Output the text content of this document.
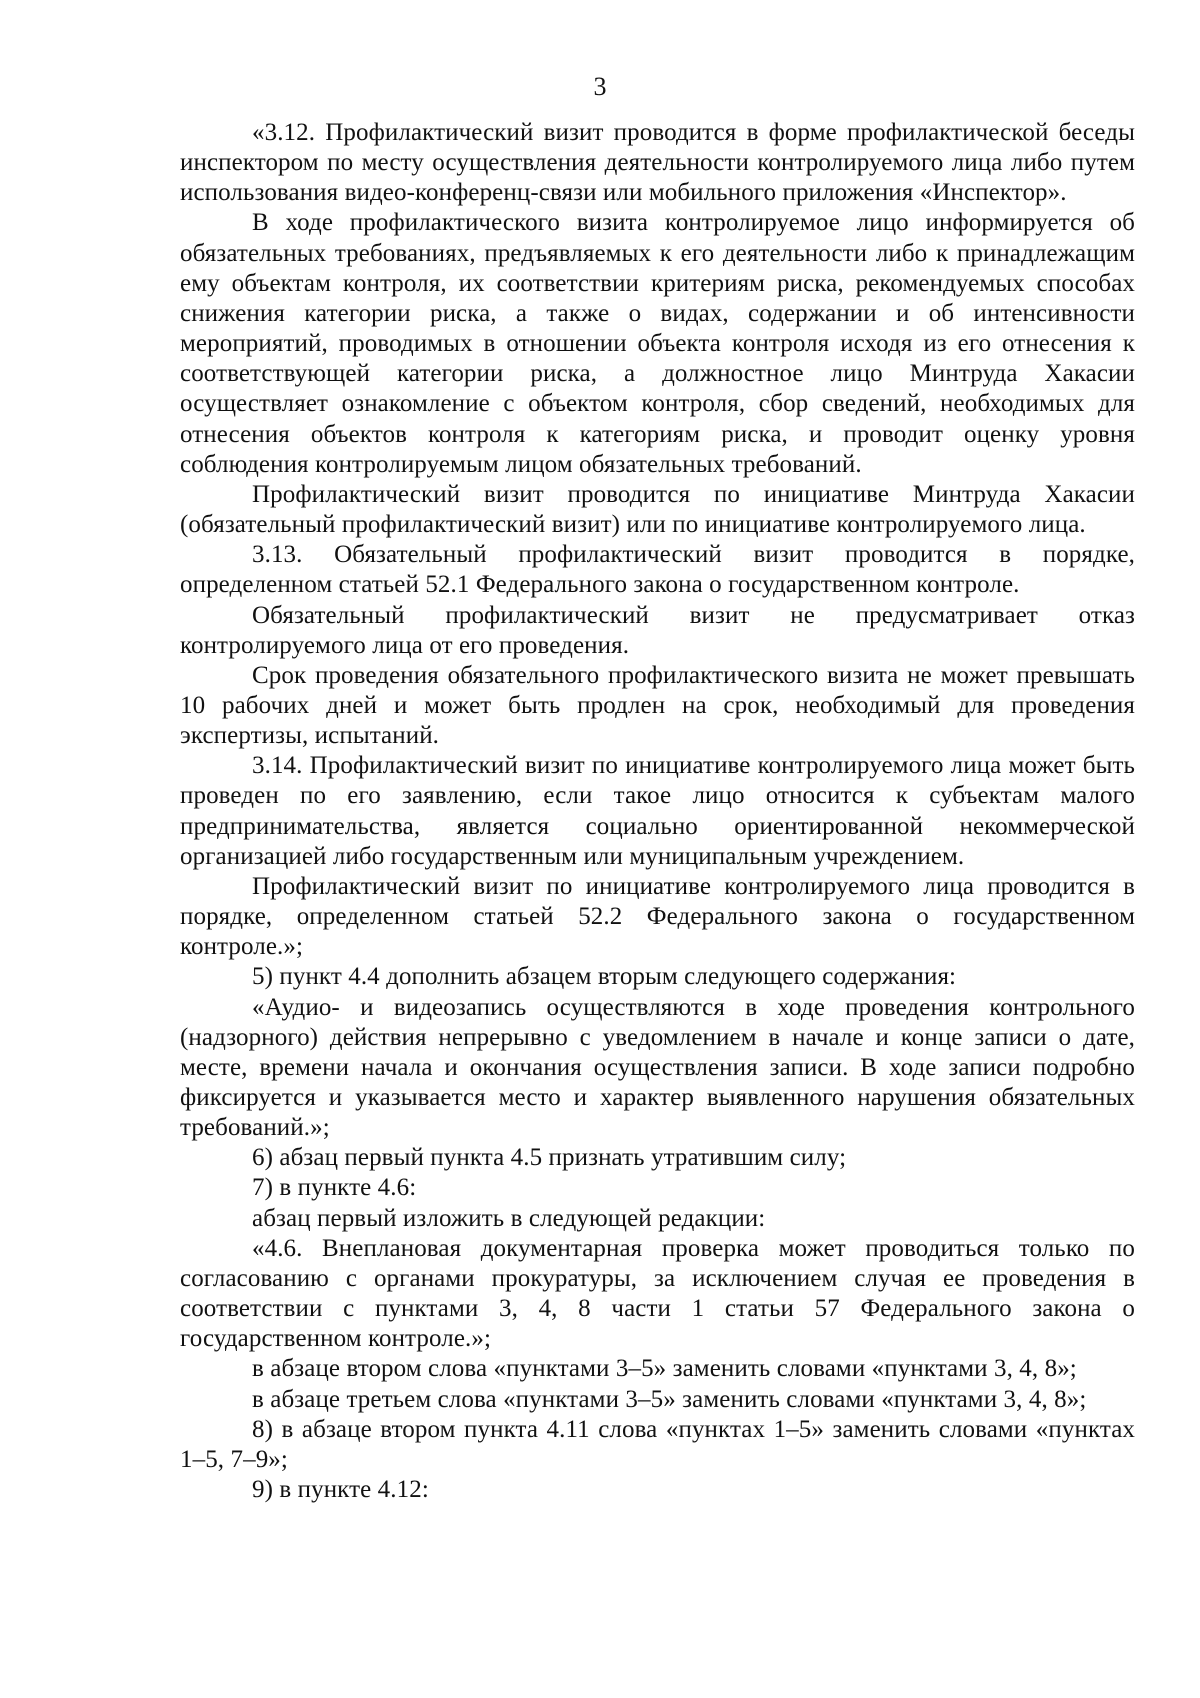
3

«3.12. Профилактический визит проводится в форме профилактической беседы инспектором по месту осуществления деятельности контролируемого лица либо путем использования видео-конференц-связи или мобильного приложения «Инспектор».

В ходе профилактического визита контролируемое лицо информируется об обязательных требованиях, предъявляемых к его деятельности либо к принадлежащим ему объектам контроля, их соответствии критериям риска, рекомендуемых способах снижения категории риска, а также о видах, содержании и об интенсивности мероприятий, проводимых в отношении объекта контроля исходя из его отнесения к соответствующей категории риска, а должностное лицо Минтруда Хакасии осуществляет ознакомление с объектом контроля, сбор сведений, необходимых для отнесения объектов контроля к категориям риска, и проводит оценку уровня соблюдения контролируемым лицом обязательных требований.

Профилактический визит проводится по инициативе Минтруда Хакасии (обязательный профилактический визит) или по инициативе контролируемого лица.

3.13. Обязательный профилактический визит проводится в порядке, определенном статьей 52.1 Федерального закона о государственном контроле.

Обязательный профилактический визит не предусматривает отказ контролируемого лица от его проведения.

Срок проведения обязательного профилактического визита не может превышать 10 рабочих дней и может быть продлен на срок, необходимый для проведения экспертизы, испытаний.

3.14. Профилактический визит по инициативе контролируемого лица может быть проведен по его заявлению, если такое лицо относится к субъектам малого предпринимательства, является социально ориентированной некоммерческой организацией либо государственным или муниципальным учреждением.

Профилактический визит по инициативе контролируемого лица проводится в порядке, определенном статьей 52.2 Федерального закона о государственном контроле.»;

5) пункт 4.4 дополнить абзацем вторым следующего содержания:

«Аудио- и видеозапись осуществляются в ходе проведения контрольного (надзорного) действия непрерывно с уведомлением в начале и конце записи о дате, месте, времени начала и окончания осуществления записи. В ходе записи подробно фиксируется и указывается место и характер выявленного нарушения обязательных требований.»;

6) абзац первый пункта 4.5 признать утратившим силу;

7) в пункте 4.6:

абзац первый изложить в следующей редакции:

«4.6. Внеплановая документарная проверка может проводиться только по согласованию с органами прокуратуры, за исключением случая ее проведения в соответствии с пунктами 3, 4, 8 части 1 статьи 57 Федерального закона о государственном контроле.»;

в абзаце втором слова «пунктами 3–5» заменить словами «пунктами 3, 4, 8»;

в абзаце третьем слова «пунктами 3–5» заменить словами «пунктами 3, 4, 8»;

8) в абзаце втором пункта 4.11 слова «пунктах 1–5» заменить словами «пунктах 1–5, 7–9»;

9) в пункте 4.12:
